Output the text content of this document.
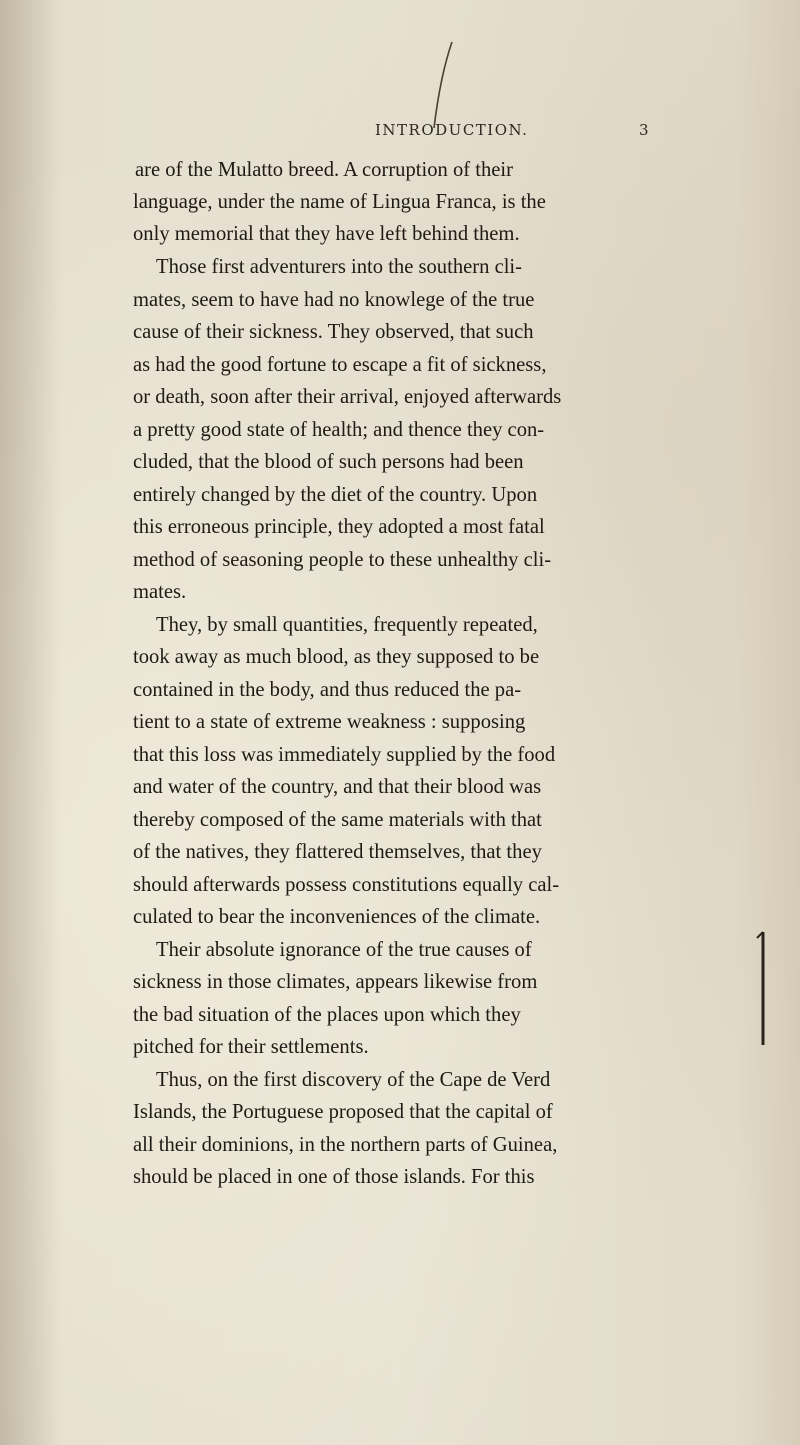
INTRODUCTION.	3
are of the Mulatto breed. A corruption of their
language, under the name of Lingua Franca, is the
only memorial that they have left behind them.
Those first adventurers into the southern cli-
mates, seem to have had no knowlege of the true
cause of their sickness. They observed, that such
as had the good fortune to escape a fit of sickness,
or death, soon after their arrival, enjoyed afterwards
a pretty good state of health; and thence they con-
cluded, that the blood of such persons had been
entirely changed by the diet of the country. Upon
this erroneous principle, they adopted a most fatal
method of seasoning people to these unhealthy cli-
mates.
They, by small quantities, frequently repeated,
took away as much blood, as they supposed to be
contained in the body, and thus reduced the pa-
tient to a state of extreme weakness : supposing
that this loss was immediately supplied by the food
and water of the country, and that their blood was
thereby composed of the same materials with that
of the natives, they flattered themselves, that they
should afterwards possess constitutions equally cal-
culated to bear the inconveniences of the climate.
Their absolute ignorance of the true causes of
sickness in those climates, appears likewise from
the bad situation of the places upon which they
pitched for their settlements.
Thus, on the first discovery of the Cape de Verd
Islands, the Portuguese proposed that the capital of
all their dominions, in the northern parts of Guinea,
should be placed in one of those islands. For this
